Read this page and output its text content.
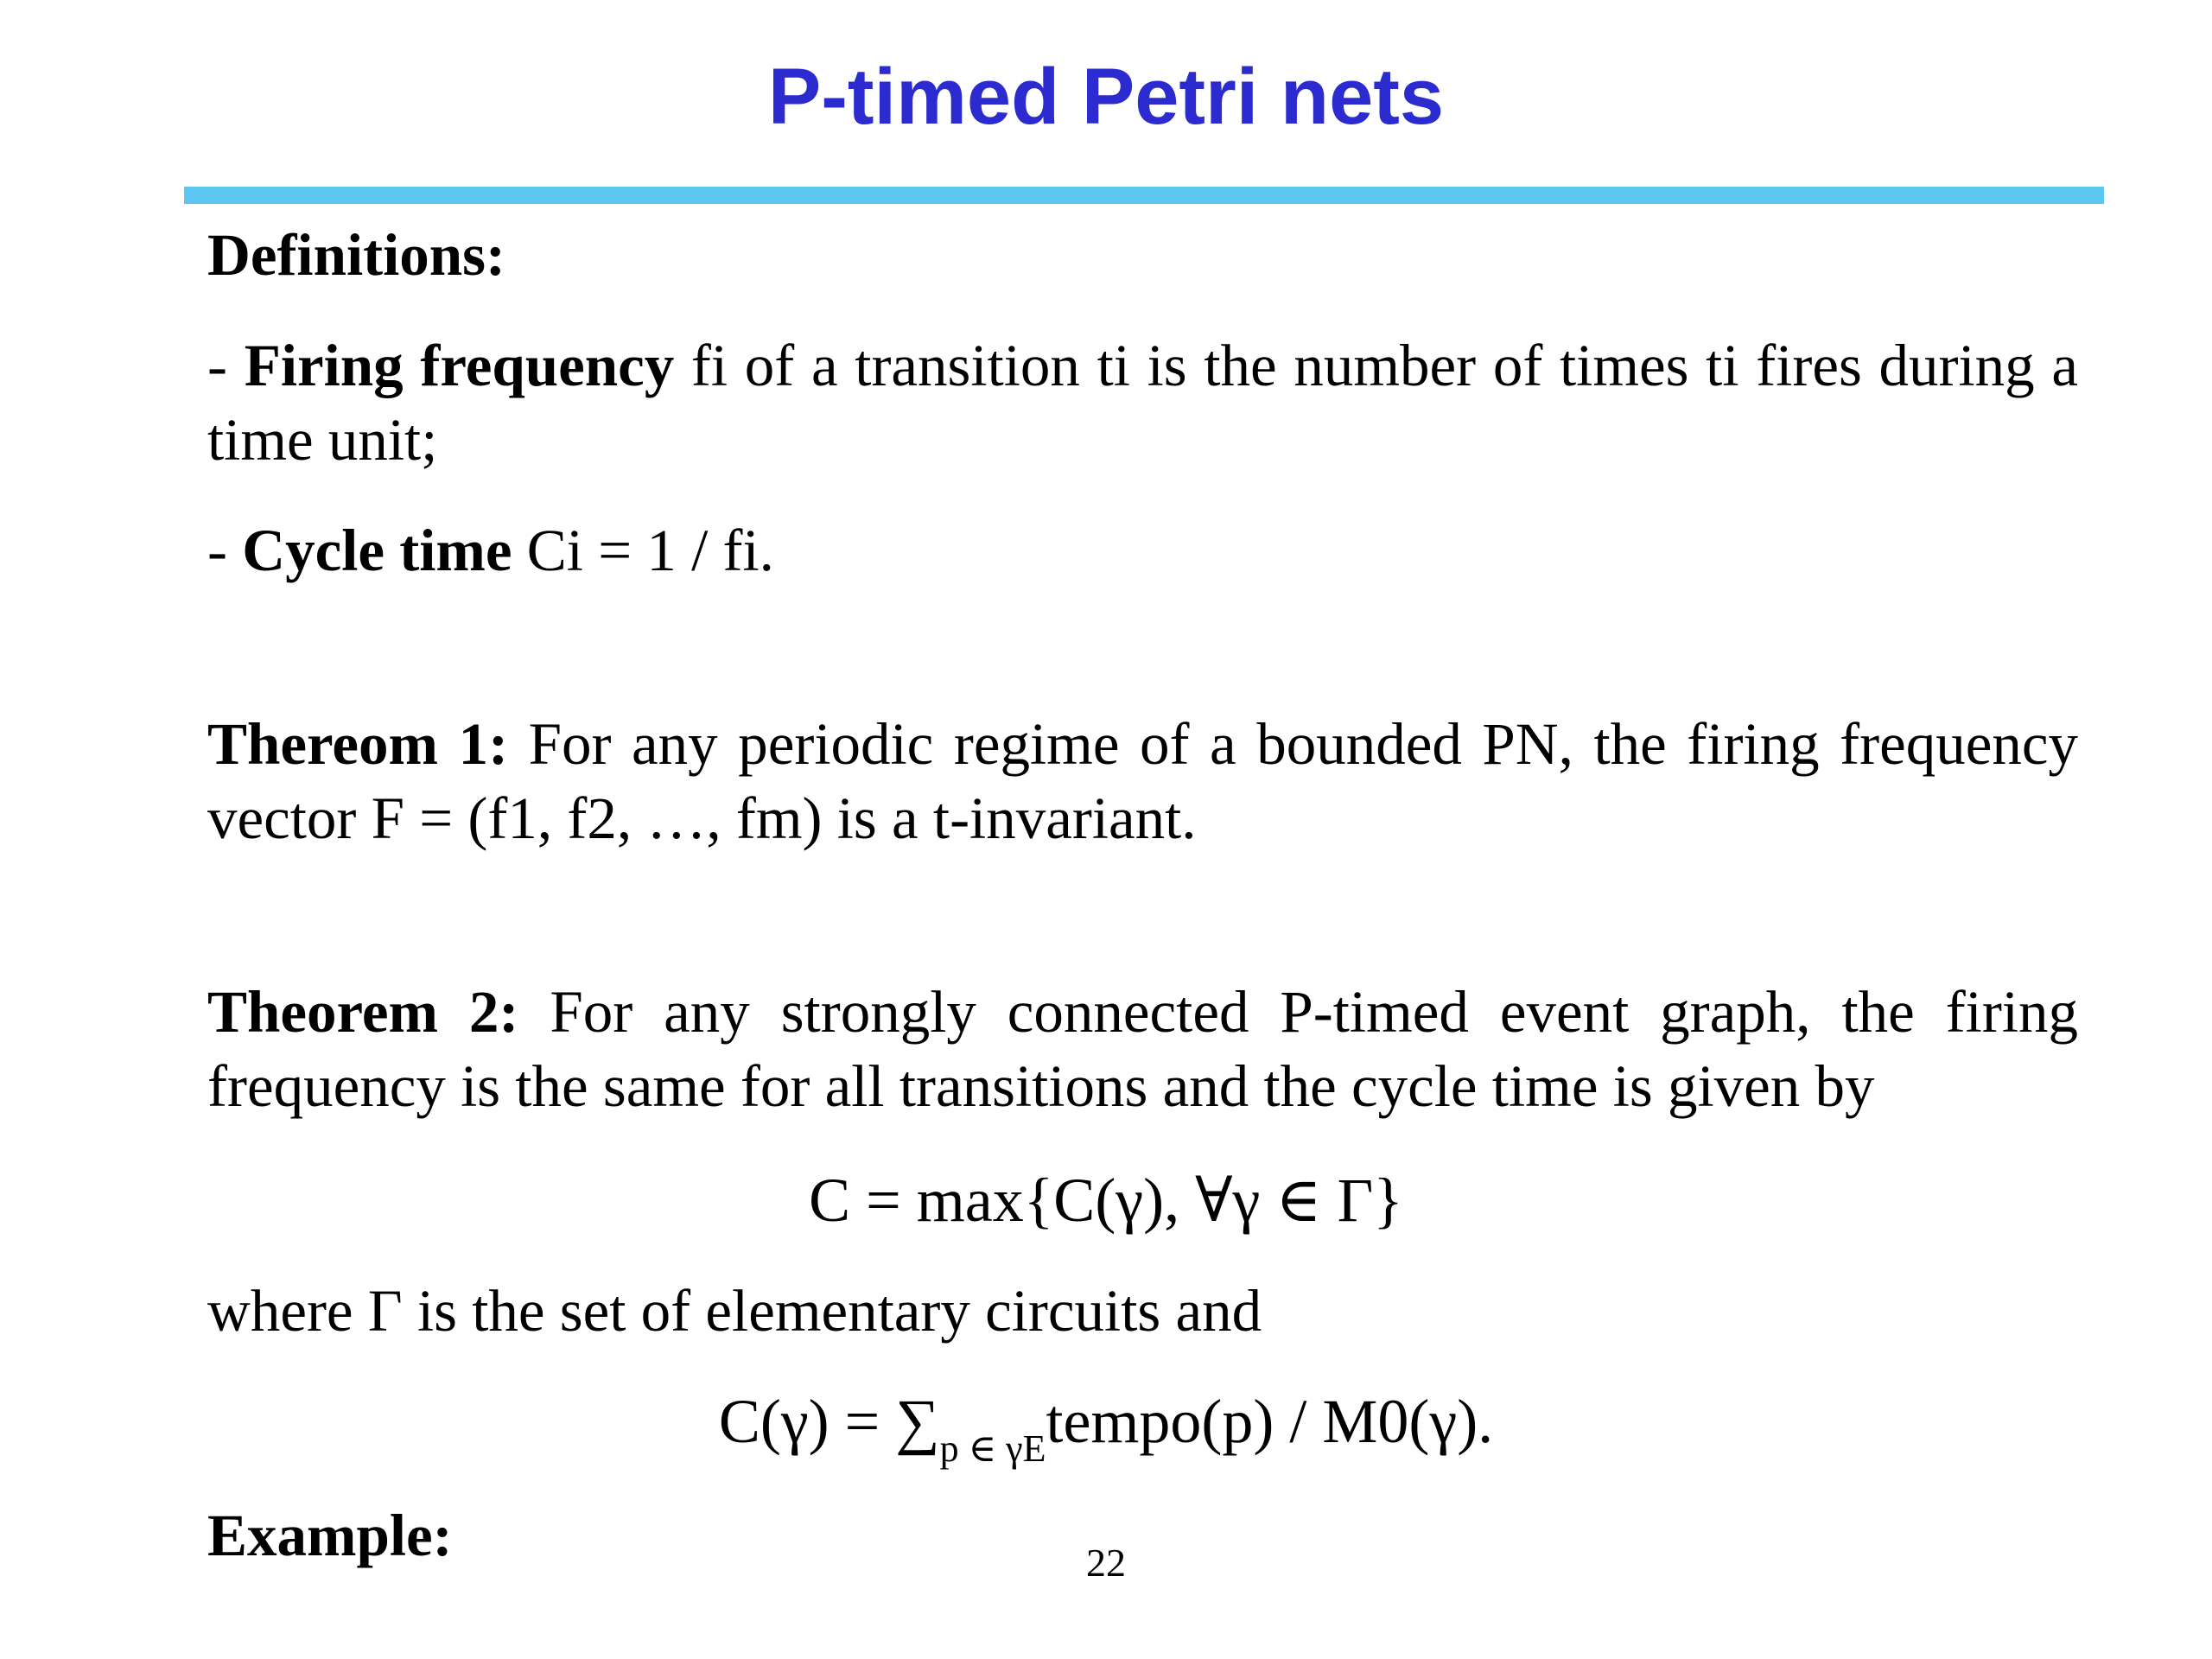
P-timed Petri nets
Definitions:
- Firing frequency fi of a transition ti is the number of times ti fires during a time unit;
- Cycle time Ci = 1 / fi.
Thereom 1: For any periodic regime of a bounded PN, the firing frequency vector F = (f1, f2, …, fm) is a t-invariant.
Theorem 2: For any strongly connected P-timed event graph, the firing frequency is the same for all transitions and the cycle time is given by
C = max{C(γ), ∀γ ∈ Γ}
where Γ is the set of elementary circuits and
$C(\gamma) = \sum_{p \in \gamma E}tempo(p) / M0(\gamma)$.
Example:	22
